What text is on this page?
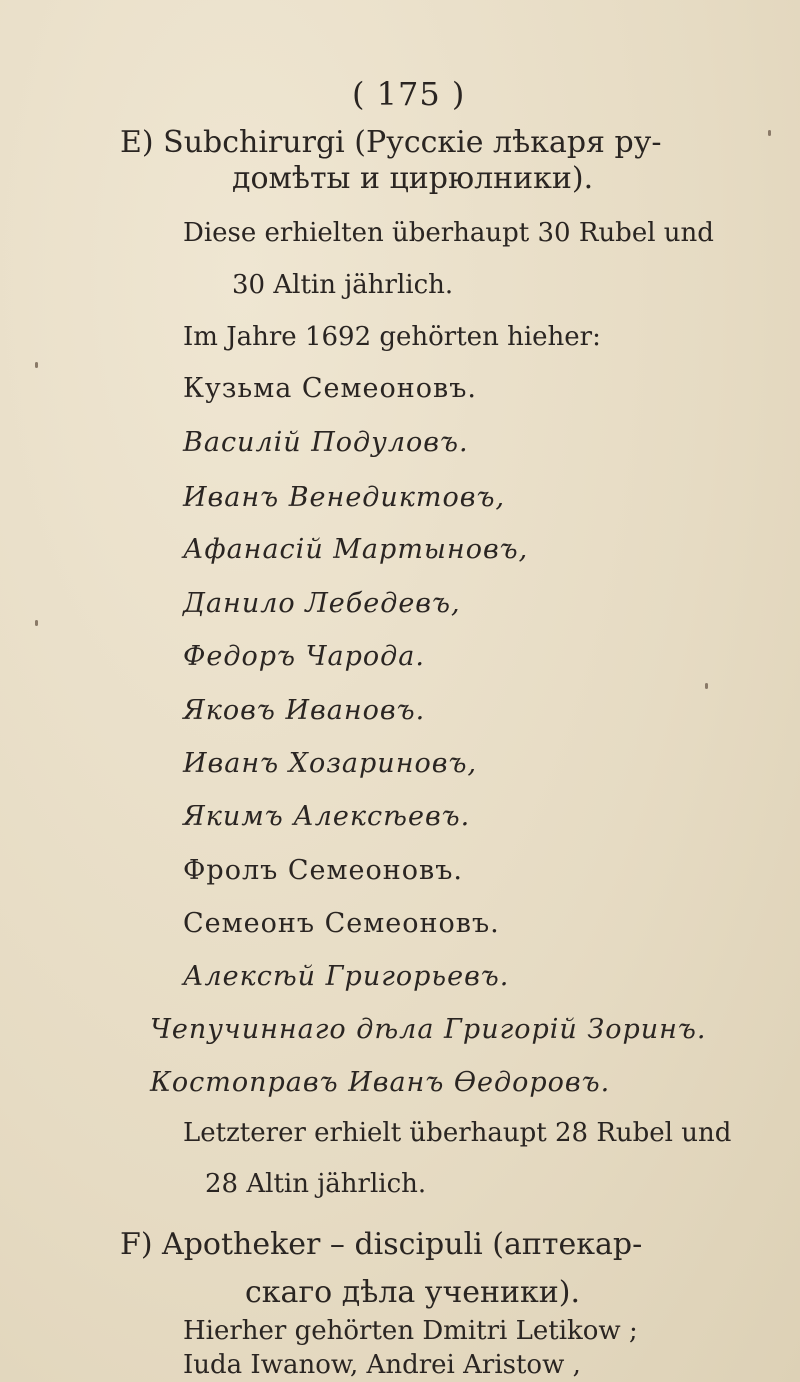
( 175 )
E) Subchirurgi (Русскіе лѣкаря ру-
домѣты и цирюлники).
Diese erhielten überhaupt 30 Rubel und
30 Altin jährlich.
Im Jahre 1692 gehörten hieher:
Кузьма Семеоновъ.
Василій Подуловъ.
Иванъ Венедиктовъ,
Афанасій Мартыновъ,
Данило Лебедевъ,
Федоръ Чарода.
Яковъ Ивановъ.
Иванъ Хозариновъ,
Якимъ Алексѣевъ.
Фролъ Семеоновъ.
Семеонъ Семеоновъ.
Алексѣй Григорьевъ.
Чепучиннаго дѣла Григорій Зоринъ.
Костоправъ Иванъ Ѳедоровъ.
Letzterer erhielt überhaupt 28 Rubel und
28 Altin jährlich.
F) Apotheker – discipuli (аптекар-
скаго дѣла ученики).
Hierher gehörten Dmitri Letikow ;
Iuda Iwanow, Andrei Aristow ,
